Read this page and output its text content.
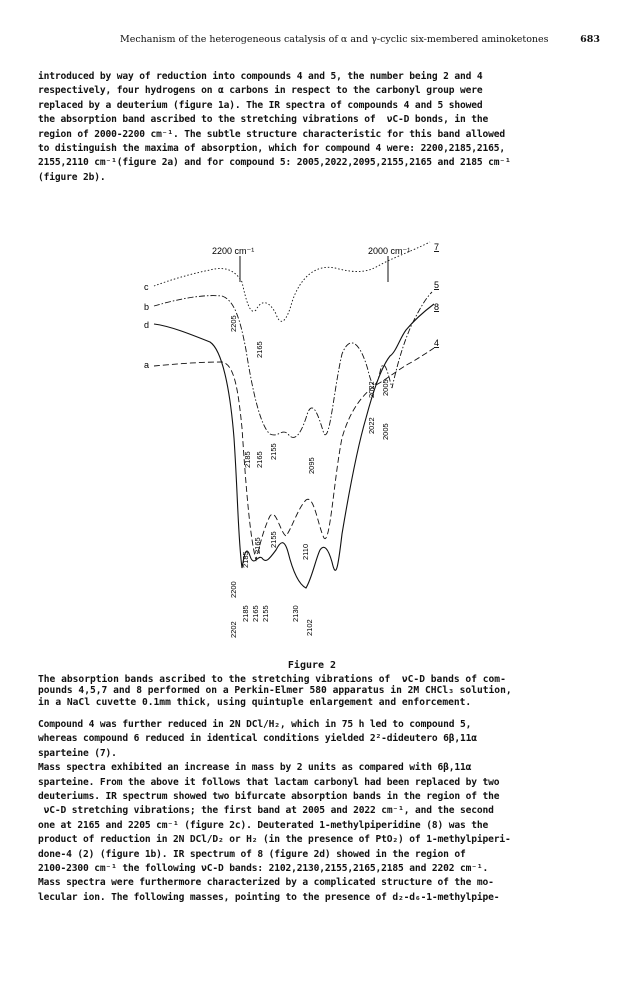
Mechanism of the heterogeneous catalysis of α and γ-cyclic six-membered aminoketones	683

introduced by way of reduction into compounds 4 and 5, the number being 2 and 4
respectively, four hydrogens on α carbons in respect to the carbonyl group were
replaced by a deuterium (figure 1a). The IR spectra of compounds 4 and 5 showed
the absorption band ascribed to the stretching vibrations of  νC-D bonds, in the
region of 2000-2200 cm⁻¹. The subtle structure characteristic for this band allowed
to distinguish the maxima of absorption, which for compound 4 were: 2200,2185,2165,
2155,2110 cm⁻¹(figure 2a) and for compound 5: 2005,2022,2095,2155,2165 and 2185 cm⁻¹
(figure 2b).

2200 cm⁻¹	2000 cm⁻¹
c
b
d
a
7
5
8
4
2205
2165
2185 2165 2155
2095
2022 2005
2200
2185
2165 2155
2110
2202
2185 2165 2155	2130
2102
2022 2005
Figure 2

The absorption bands ascribed to the stretching vibrations of  νC-D bands of com-
pounds 4,5,7 and 8 performed on a Perkin-Elmer 580 apparatus in 2M CHCl₃ solution,
in a NaCl cuvette 0.1mm thick, using quintuple enlargement and enforcement.

Compound 4 was further reduced in 2N DCl/H₂, which in 75 h led to compound 5,
whereas compound 6 reduced in identical conditions yielded 2²-dideutero 6β,11α
sparteine (7).
Mass spectra exhibited an increase in mass by 2 units as compared with 6β,11α
sparteine. From the above it follows that lactam carbonyl had been replaced by two
deuteriums. IR spectrum showed two bifurcate absorption bands in the region of the
νC-D stretching vibrations; the first band at 2005 and 2022 cm⁻¹, and the second
one at 2165 and 2205 cm⁻¹ (figure 2c). Deuterated 1-methylpiperidine (8) was the
product of reduction in 2N DCl/D₂ or H₂ (in the presence of PtO₂) of 1-methylpiperi-
done-4 (2) (figure 1b). IR spectrum of 8 (figure 2d) showed in the region of
2100-2300 cm⁻¹ the following νC-D bands: 2102,2130,2155,2165,2185 and 2202 cm⁻¹.
Mass spectra were furthermore characterized by a complicated structure of the mo-
lecular ion. The following masses, pointing to the presence of d₂-d₆-1-methylpipe-
